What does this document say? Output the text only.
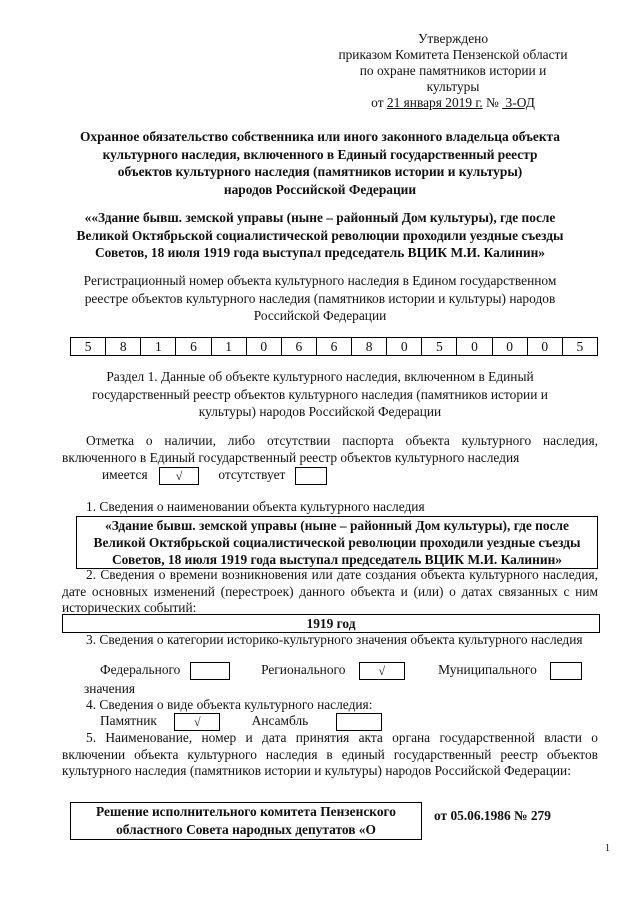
Утверждено
приказом Комитета Пензенской области
по охране памятников истории и
культуры
от 21 января 2019 г. №  3-ОД
Охранное обязательство собственника или иного законного владельца объекта
культурного наследия, включенного в Единый государственный реестр
объектов культурного наследия (памятников истории и культуры)
народов Российской Федерации
««Здание бывш. земской управы (ныне – районный Дом культуры), где после
Великой Октябрьской социалистической революции проходили уездные съезды
Советов, 18 июля 1919 года выступал председатель ВЦИК М.И. Калинин»
Регистрационный номер объекта культурного наследия в Едином государственном
реестре объектов культурного наследия (памятников истории и культуры) народов
Российской Федерации
5	8	1	6	1	0	6	6	8	0	5	0	0	0	5
Раздел 1. Данные об объекте культурного наследия, включенном в Единый
государственный реестр объектов культурного наследия (памятников истории и
культуры) народов Российской Федерации
Отметка о наличии, либо отсутствии паспорта объекта культурного наследия, включенного в Единый государственный реестр объектов культурного наследия
имеется √	отсутствует
1. Сведения о наименовании объекта культурного наследия
«Здание бывш. земской управы (ныне – районный Дом культуры), где после
Великой Октябрьской социалистической революции проходили уездные съезды
Советов, 18 июля 1919 года выступал председатель ВЦИК М.И. Калинин»
2. Сведения о времени возникновения или дате создания объекта культурного наследия, дате основных изменений (перестроек) данного объекта и (или) о датах связанных с ним исторических событий:
1919 год
3. Сведения о категории историко-культурного значения объекта культурного наследия
Федерального	Регионального	√	Муниципального
значения
4. Сведения о виде объекта культурного наследия:
Памятник	√	Ансамбль
5. Наименование, номер и дата принятия акта органа государственной власти о включении объекта культурного наследия в единый государственный реестр объектов культурного наследия (памятников истории и культуры) народов Российской Федерации:
Решение исполнительного комитета Пензенского
областного Совета народных депутатов «О
от 05.06.1986 № 279
1
